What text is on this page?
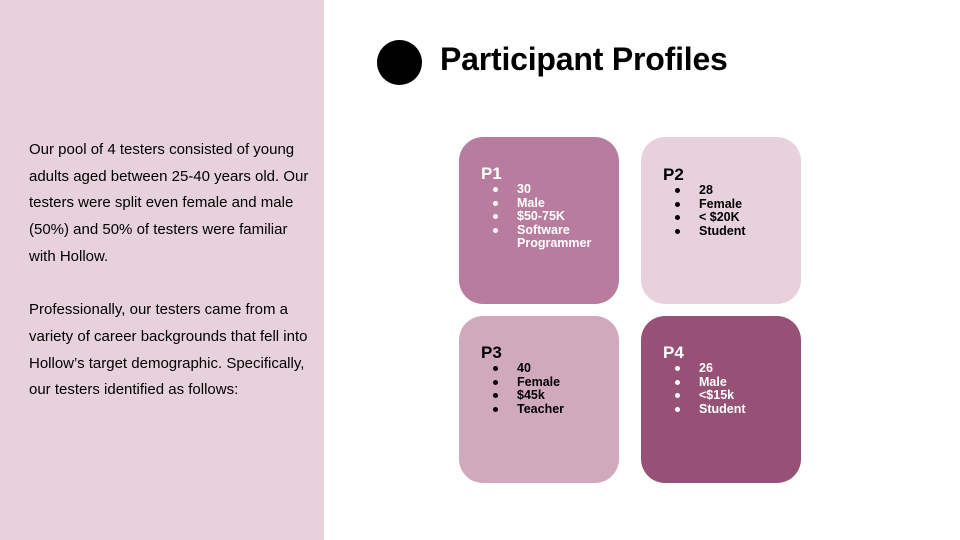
Our pool of 4 testers consisted of young adults aged between 25-40 years old. Our testers were split even female and male (50%) and 50% of testers were familiar with Hollow.

Professionally, our testers came from a variety of career backgrounds that fell into Hollow’s target demographic. Specifically, our testers identified as follows:

Participant Profiles
P1
30
Male
$50-75K
Software Programmer
P2
28
Female
< $20K
Student
P3
40
Female
$45k
Teacher
P4
26
Male
<$15k
Student
